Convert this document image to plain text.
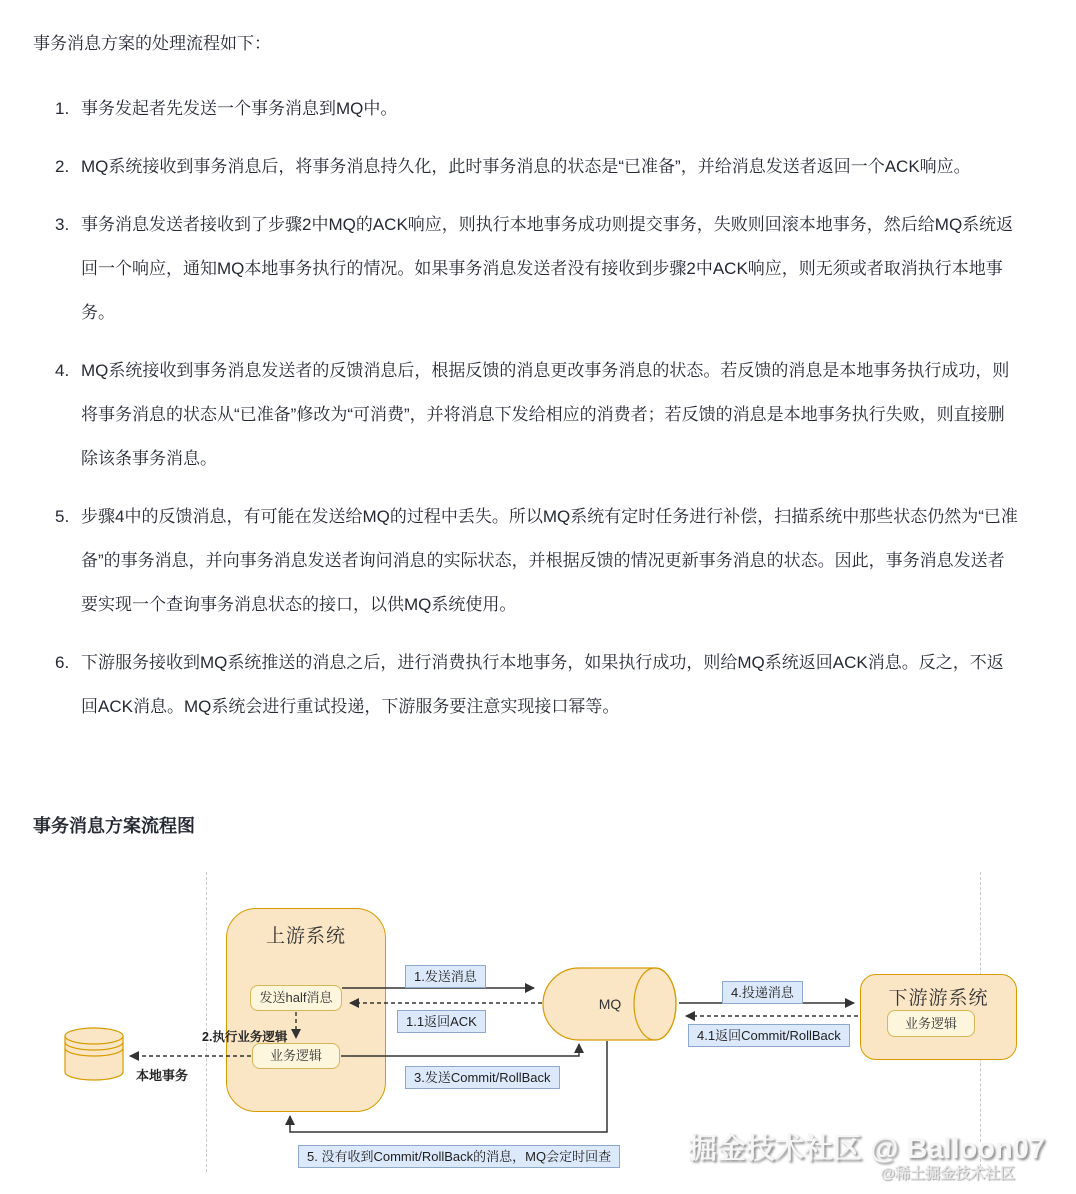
事务消息方案的处理流程如下：

1. 事务发起者先发送一个事务消息到MQ中。
2. MQ系统接收到事务消息后，将事务消息持久化，此时事务消息的状态是“已准备”，并给消息发送者返回一个ACK响应。
3. 事务消息发送者接收到了步骤2中MQ的ACK响应，则执行本地事务成功则提交事务，失败则回滚本地事务，然后给MQ系统返回一个响应，通知MQ本地事务执行的情况。如果事务消息发送者没有接收到步骤2中ACK响应，则无须或者取消执行本地事务。
4. MQ系统接收到事务消息发送者的反馈消息后，根据反馈的消息更改事务消息的状态。若反馈的消息是本地事务执行成功，则将事务消息的状态从“已准备”修改为“可消费”，并将消息下发给相应的消费者；若反馈的消息是本地事务执行失败，则直接删除该条事务消息。
5. 步骤4中的反馈消息，有可能在发送给MQ的过程中丢失。所以MQ系统有定时任务进行补偿，扫描系统中那些状态仍然为“已准备”的事务消息，并向事务消息发送者询问消息的实际状态，并根据反馈的情况更新事务消息的状态。因此，事务消息发送者要实现一个查询事务消息状态的接口，以供MQ系统使用。
6. 下游服务接收到MQ系统推送的消息之后，进行消费执行本地事务，如果执行成功，则给MQ系统返回ACK消息。反之，不返回ACK消息。MQ系统会进行重试投递，下游服务要注意实现接口幂等。
事务消息方案流程图
上游系统
下游游系统
MQ
发送half消息
业务逻辑
业务逻辑
1.发送消息
1.1返回ACK
3.发送Commit/RollBack
4.投递消息
4.1返回Commit/RollBack
5. 没有收到Commit/RollBack的消息，MQ会定时回查
2.执行业务逻辑
本地事务
掘金技术社区 @ Balloon07
@稀土掘金技术社区
